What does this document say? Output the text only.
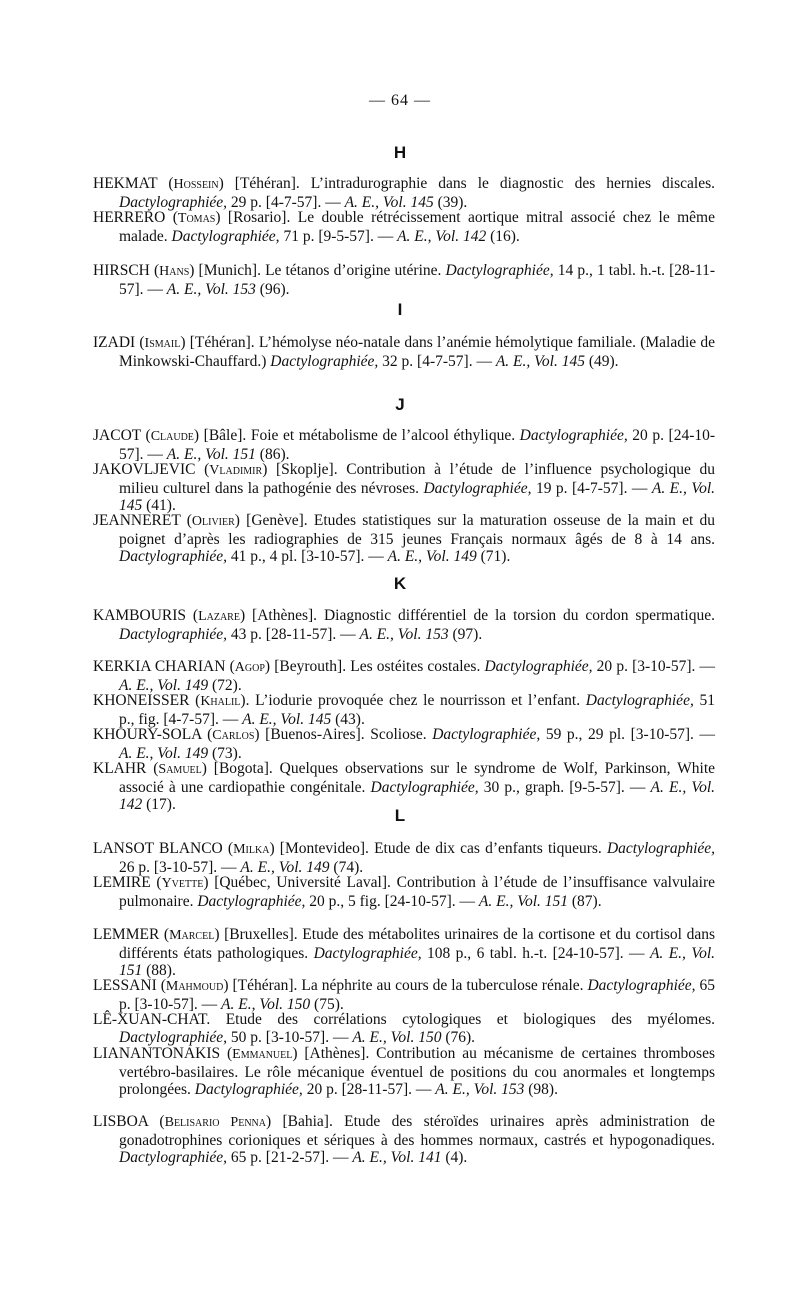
— 64 —
H
HEKMAT (Hossein) [Téhéran]. L’intradurographie dans le diagnostic des hernies discales. Dactylographiée, 29 p. [4-7-57]. — A. E., Vol. 145 (39).
HERRERO (Tomas) [Rosario]. Le double rétrécissement aortique mitral associé chez le même malade. Dactylographiée, 71 p. [9-5-57]. — A. E., Vol. 142 (16).
HIRSCH (Hans) [Munich]. Le tétanos d’origine utérine. Dactylographiée, 14 p., 1 tabl. h.-t. [28-11-57]. — A. E., Vol. 153 (96).
I
IZADI (Ismail) [Téhéran]. L’hémolyse néo-natale dans l’anémie hémolytique familiale. (Maladie de Minkowski-Chauffard.) Dactylographiée, 32 p. [4-7-57]. — A. E., Vol. 145 (49).
J
JACOT (Claude) [Bâle]. Foie et métabolisme de l’alcool éthylique. Dactylographiée, 20 p. [24-10-57]. — A. E., Vol. 151 (86).
JAKOVLJEVIC (Vladimir) [Skoplje]. Contribution à l’étude de l’influence psychologique du milieu culturel dans la pathogénie des névroses. Dactylographiée, 19 p. [4-7-57]. — A. E., Vol. 145 (41).
JEANNERET (Olivier) [Genève]. Etudes statistiques sur la maturation osseuse de la main et du poignet d’après les radiographies de 315 jeunes Français normaux âgés de 8 à 14 ans. Dactylographiée, 41 p., 4 pl. [3-10-57]. — A. E., Vol. 149 (71).
K
KAMBOURIS (Lazare) [Athènes]. Diagnostic différentiel de la torsion du cordon spermatique. Dactylographiée, 43 p. [28-11-57]. — A. E., Vol. 153 (97).
KERKIA CHARIAN (Agop) [Beyrouth]. Les ostéites costales. Dactylographiée, 20 p. [3-10-57]. — A. E., Vol. 149 (72).
KHONEISSER (Khalil). L’iodurie provoquée chez le nourrisson et l’enfant. Dactylographiée, 51 p., fig. [4-7-57]. — A. E., Vol. 145 (43).
KHOURY-SOLA (Carlos) [Buenos-Aires]. Scoliose. Dactylographiée, 59 p., 29 pl. [3-10-57]. — A. E., Vol. 149 (73).
KLAHR (Samuel) [Bogota]. Quelques observations sur le syndrome de Wolf, Parkinson, White associé à une cardiopathie congénitale. Dactylographiée, 30 p., graph. [9-5-57]. — A. E., Vol. 142 (17).
L
LANSOT BLANCO (Milka) [Montevideo]. Etude de dix cas d’enfants tiqueurs. Dactylographiée, 26 p. [3-10-57]. — A. E., Vol. 149 (74).
LEMIRE (Yvette) [Québec, Université Laval]. Contribution à l’étude de l’insuffisance valvulaire pulmonaire. Dactylographiée, 20 p., 5 fig. [24-10-57]. — A. E., Vol. 151 (87).
LEMMER (Marcel) [Bruxelles]. Etude des métabolites urinaires de la cortisone et du cortisol dans différents états pathologiques. Dactylographiée, 108 p., 6 tabl. h.-t. [24-10-57]. — A. E., Vol. 151 (88).
LESSANI (Mahmoud) [Téhéran]. La néphrite au cours de la tuberculose rénale. Dactylographiée, 65 p. [3-10-57]. — A. E., Vol. 150 (75).
LÊ-XUAN-CHAT. Etude des corrélations cytologiques et biologiques des myélomes. Dactylographiée, 50 p. [3-10-57]. — A. E., Vol. 150 (76).
LIANANTONAKIS (Emmanuel) [Athènes]. Contribution au mécanisme de certaines thromboses vertébro-basilaires. Le rôle mécanique éventuel de positions du cou anormales et longtemps prolongées. Dactylographiée, 20 p. [28-11-57]. — A. E., Vol. 153 (98).
LISBOA (Belisario Penna) [Bahia]. Etude des stéroïdes urinaires après administration de gonadotrophines corioniques et sériques à des hommes normaux, castrés et hypogonadiques. Dactylographiée, 65 p. [21-2-57]. — A. E., Vol. 141 (4).
